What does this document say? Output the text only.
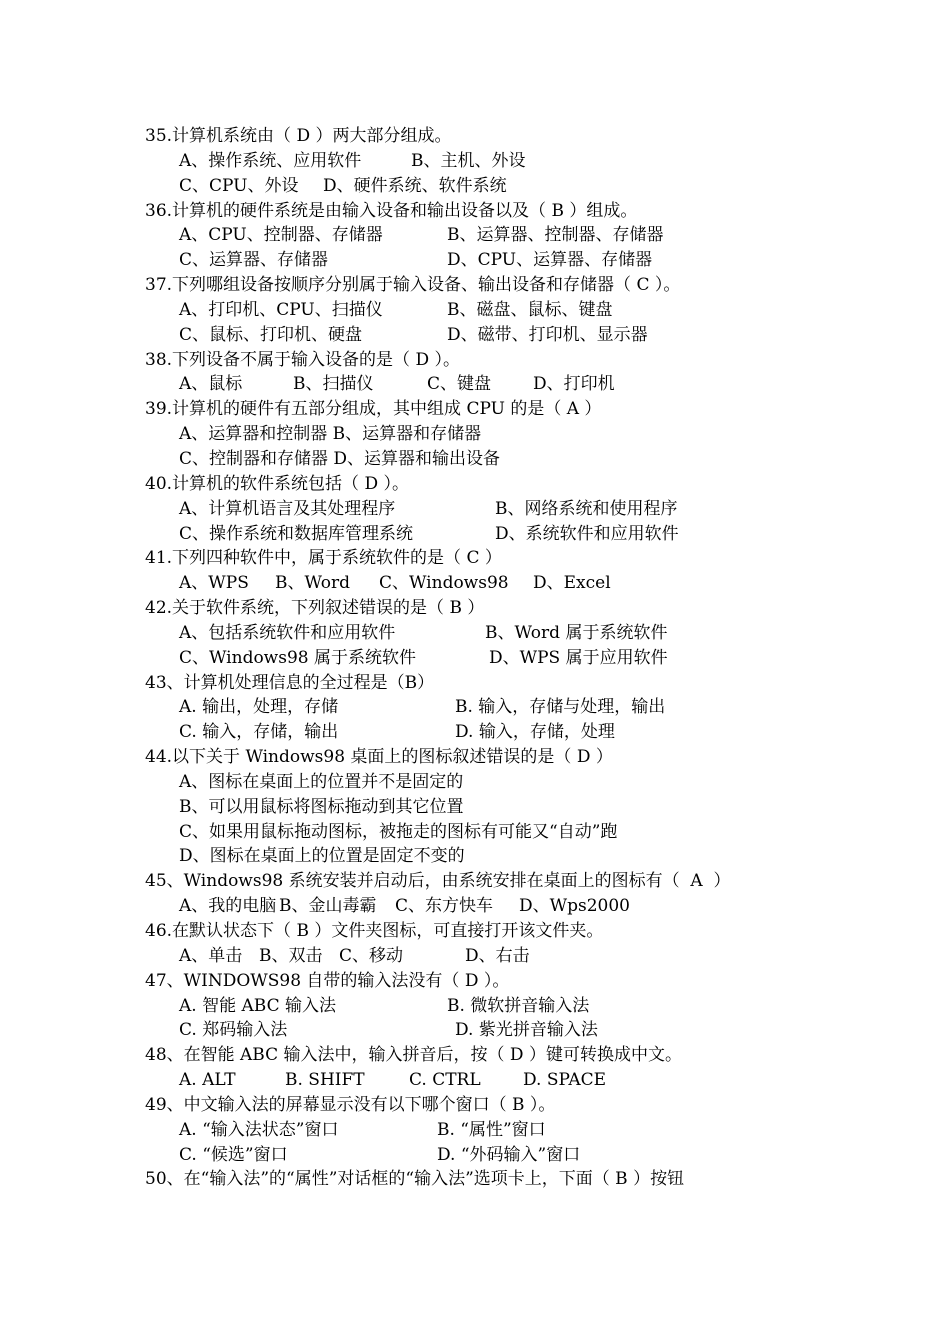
35.计算机系统由（ D ）两大部分组成。
A、操作系统、应用软件	B、主机、外设
C、CPU、外设 D、硬件系统、软件系统
36.计算机的硬件系统是由输入设备和输出设备以及（ B ）组成。
A、CPU、控制器、存储器	B、运算器、控制器、存储器
C、运算器、存储器	D、CPU、运算器、存储器
37.下列哪组设备按顺序分别属于输入设备、输出设备和存储器（ C ）。
A、打印机、CPU、扫描仪	B、磁盘、鼠标、键盘
C、鼠标、打印机、硬盘	D、磁带、打印机、显示器
38.下列设备不属于输入设备的是（ D ）。
A、鼠标	B、扫描仪	C、键盘 D、打印机
39.计算机的硬件有五部分组成，其中组成 CPU 的是（ A ）
A、运算器和控制器 B、运算器和存储器
C、控制器和存储器 D、运算器和输出设备
40.计算机的软件系统包括（ D ）。
A、计算机语言及其处理程序	B、网络系统和使用程序
C、操作系统和数据库管理系统	D、系统软件和应用软件
41.下列四种软件中，属于系统软件的是（ C ）
A、WPS B、Word C、Windows98 D、Excel
42.关于软件系统，下列叙述错误的是（ B ）
A、包括系统软件和应用软件	B、Word 属于系统软件
C、Windows98 属于系统软件	D、WPS 属于应用软件
43、计算机处理信息的全过程是（B）
A. 输出，处理，存储	B. 输入，存储与处理，输出
C. 输入，存储，输出	D. 输入，存储，处理
44.以下关于 Windows98 桌面上的图标叙述错误的是（ D ）
A、图标在桌面上的位置并不是固定的
B、可以用鼠标将图标拖动到其它位置
C、如果用鼠标拖动图标，被拖走的图标有可能又“自动”跑
D、图标在桌面上的位置是固定不变的
45、Windows98 系统安装并启动后，由系统安排在桌面上的图标有（  A  ）
A、我的电脑 B、金山毒霸 C、东方快车 D、Wps2000
46.在默认状态下（ B ）文件夹图标，可直接打开该文件夹。
A、单击 B、双击 C、移动	D、右击
47、WINDOWS98 自带的输入法没有（ D ）。
A. 智能 ABC 输入法	B. 微软拼音输入法
C. 郑码输入法	D. 紫光拼音输入法
48、在智能 ABC 输入法中，输入拼音后，按（ D ）键可转换成中文。
A. ALT	B. SHIFT	C. CTRL D. SPACE
49、中文输入法的屏幕显示没有以下哪个窗口（ B ）。
A. “输入法状态”窗口	B. “属性”窗口
C. “候选”窗口	D. “外码输入”窗口
50、在“输入法”的“属性”对话框的“输入法”选项卡上，下面（ B ）按钮
